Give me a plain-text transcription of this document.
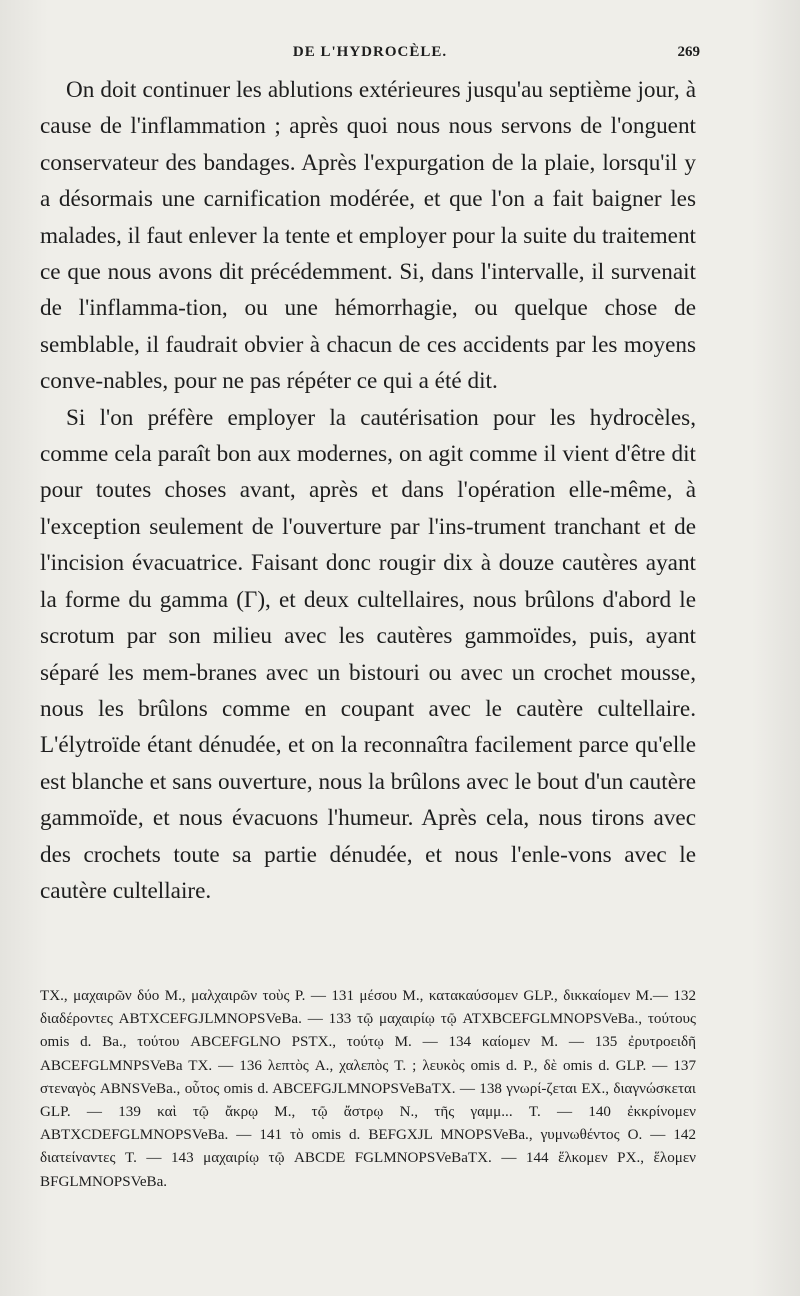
DE L'HYDROCÈLE.	269

On doit continuer les ablutions extérieures jusqu'au septième jour, à cause de l'inflammation ; après quoi nous nous servons de l'onguent conservateur des bandages. Après l'expurgation de la plaie, lorsqu'il y a désormais une carnification modérée, et que l'on a fait baigner les malades, il faut enlever la tente et employer pour la suite du traitement ce que nous avons dit précédemment. Si, dans l'intervalle, il survenait de l'inflamma-tion, ou une hémorrhagie, ou quelque chose de semblable, il faudrait obvier à chacun de ces accidents par les moyens conve-nables, pour ne pas répéter ce qui a été dit.

Si l'on préfère employer la cautérisation pour les hydrocèles, comme cela paraît bon aux modernes, on agit comme il vient d'être dit pour toutes choses avant, après et dans l'opération elle-même, à l'exception seulement de l'ouverture par l'ins-trument tranchant et de l'incision évacuatrice. Faisant donc rougir dix à douze cautères ayant la forme du gamma (Γ), et deux cultellaires, nous brûlons d'abord le scrotum par son milieu avec les cautères gammoïdes, puis, ayant séparé les mem-branes avec un bistouri ou avec un crochet mousse, nous les brûlons comme en coupant avec le cautère cultellaire. L'élytroïde étant dénudée, et on la reconnaîtra facilement parce qu'elle est blanche et sans ouverture, nous la brûlons avec le bout d'un cautère gammoïde, et nous évacuons l'humeur. Après cela, nous tirons avec des crochets toute sa partie dénudée, et nous l'enle-vons avec le cautère cultellaire.

TX., μαχαιρῶν δύο M., μαλχαιρῶν τοὺς P. — 131 μέσου M., κατακαύσομεν GLP., δικκαίομεν M.— 132 διαδέροντες ABTXCEFGJLMNOPSVeBa. — 133 τῷ μαχαιρίῳ τῷ ATXBCEFGLMNOPSVeBa., τούτους omis d. Ba., τούτου ABCEFGLNO PSTX., τούτῳ M. — 134 καίομεν M. — 135 ἐρυτροειδῆ ABCEFGLMNPSVeBa TX. — 136 λεπτὸς A., χαλεπὸς T. ; λευκὸς omis d. P., δὲ omis d. GLP. — 137 στεναγὸς ABNSVeBa., οὗτος omis d. ABCEFGJLMNOPSVeBaTX. — 138 γνωρί-ζεται EX., διαγνώσκεται GLP. — 139 καὶ τῷ ἄκρῳ M., τῷ ἄστρῳ N., τῆς γαμμ... T. — 140 ἐκκρίνομεν ABTXCDEFGLMNOPSVeBa. — 141 τὸ omis d. BEFGXJL MNOPSVeBa., γυμνωθέντος O. — 142 διατείναντες T. — 143 μαχαιρίῳ τῷ ABCDE FGLMNOPSVeBaTX. — 144 ἕλκομεν PX., ἕλομεν BFGLMNOPSVeBa.
